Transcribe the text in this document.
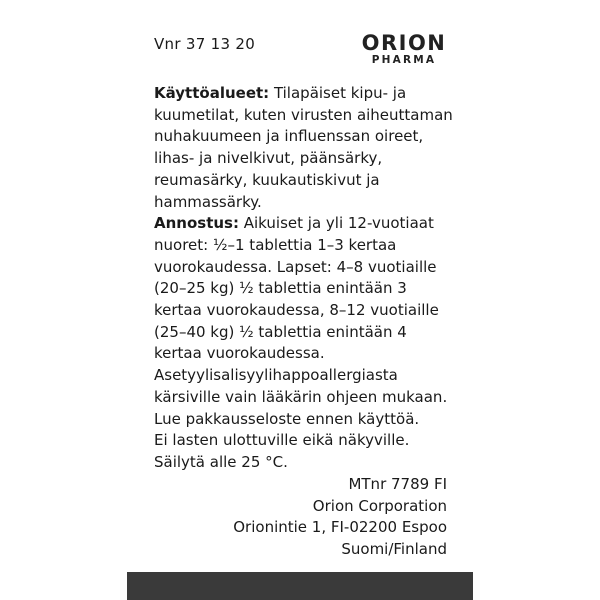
Vnr 37 13 20	ORION
PHARMA

Käyttöalueet: Tilapäiset kipu- ja kuumetilat, kuten virusten aiheuttaman nuhakuumeen ja influenssan oireet, lihas- ja nivelkivut, päänsärky, reumasärky, kuukautiskivut ja hammassärky.

Annostus: Aikuiset ja yli 12-vuotiaat nuoret: ½–1 tablettia 1–3 kertaa vuorokaudessa. Lapset: 4–8 vuotiaille (20–25 kg) ½ tablettia enintään 3 kertaa vuorokaudessa, 8–12 vuotiaille (25–40 kg) ½ tablettia enintään 4 kertaa vuorokaudessa. Asetyylisalisyylihappoallergiasta kärsiville vain lääkärin ohjeen mukaan.

Lue pakkausseloste ennen käyttöä.

Ei lasten ulottuville eikä näkyville.

Säilytä alle 25 °C.

MTnr 7789 FI
Orion Corporation
Orionintie 1, FI-02200 Espoo
Suomi/Finland
